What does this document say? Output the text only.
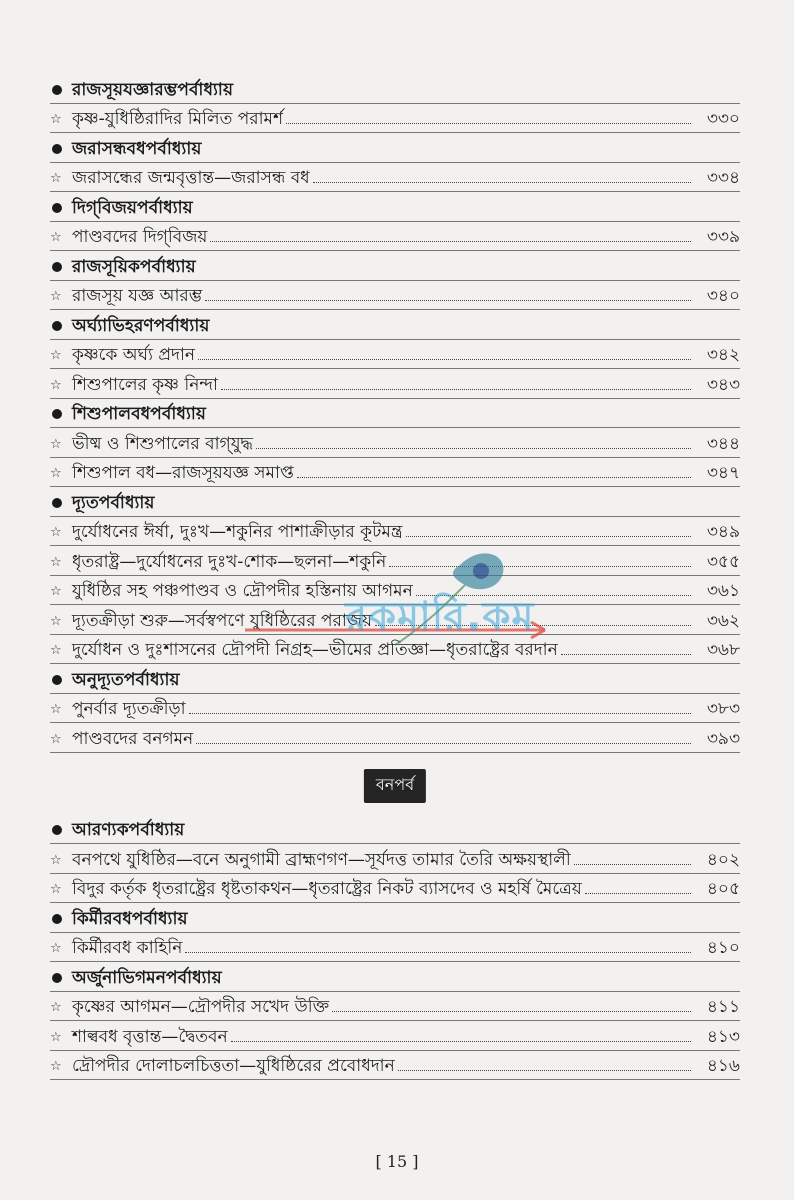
রাজসূয়যজ্ঞারম্ভপর্বাধ্যায়
☆ কৃষ্ণ-যুধিষ্ঠিরাদির মিলিত পরামর্শ	৩৩০
জরাসন্ধবধপর্বাধ্যায়
☆ জরাসন্ধের জন্মবৃত্তান্ত—জরাসন্ধ বধ	৩৩৪
দিগ্‌বিজয়পর্বাধ্যায়
☆ পাণ্ডবদের দিগ্‌বিজয়	৩৩৯
রাজসূয়িকপর্বাধ্যায়
☆ রাজসূয় যজ্ঞ আরম্ভ	৩৪০
অর্ঘ্যাভিহরণপর্বাধ্যায়
☆ কৃষ্ণকে অর্ঘ্য প্রদান	৩৪২
☆ শিশুপালের কৃষ্ণ নিন্দা	৩৪৩
শিশুপালবধপর্বাধ্যায়
☆ ভীষ্ম ও শিশুপালের বাগ্‌যুদ্ধ	৩৪৪
☆ শিশুপাল বধ—রাজসূয়যজ্ঞ সমাপ্ত	৩৪৭
দ্যূতপর্বাধ্যায়
☆ দুর্যোধনের ঈর্ষা, দুঃখ—শকুনির পাশাক্রীড়ার কূটমন্ত্র	৩৪৯
☆ ধৃতরাষ্ট্র—দুর্যোধনের দুঃখ-শোক—ছলনা—শকুনি	৩৫৫
☆ যুধিষ্ঠির সহ পঞ্চপাণ্ডব ও দ্রৌপদীর হস্তিনায় আগমন	৩৬১
☆ দ্যূতক্রীড়া শুরু—সর্বস্বপণে যুধিষ্ঠিরের পরাজয়	৩৬২
☆ দুর্যোধন ও দুঃশাসনের দ্রৌপদী নিগ্রহ—ভীমের প্রতিজ্ঞা—ধৃতরাষ্ট্রের বরদান	৩৬৮
অনুদ্যূতপর্বাধ্যায়
☆ পুনর্বার দ্যূতক্রীড়া	৩৮৩
☆ পাণ্ডবদের বনগমন	৩৯৩
বনপর্ব
আরণ্যকপর্বাধ্যায়
☆ বনপথে যুধিষ্ঠির—বনে অনুগামী ব্রাহ্মণগণ—সূর্যদত্ত তামার তৈরি অক্ষয়স্থালী	৪০২
☆ বিদুর কর্তৃক ধৃতরাষ্ট্রের ধৃষ্টতাকথন—ধৃতরাষ্ট্রের নিকট ব্যাসদেব ও মহর্ষি মৈত্রেয়	৪০৫
কির্মীরবধপর্বাধ্যায়
☆ কির্মীরবধ কাহিনি	৪১০
অর্জুনাভিগমনপর্বাধ্যায়
☆ কৃষ্ণের আগমন—দ্রৌপদীর সখেদ উক্তি	৪১১
☆ শাল্ববধ বৃত্তান্ত—দ্বৈতবন	৪১৩
☆ দ্রৌপদীর দোলাচলচিত্ততা—যুধিষ্ঠিরের প্রবোধদান	৪১৬
রকমারি.কম
[ 15 ]
